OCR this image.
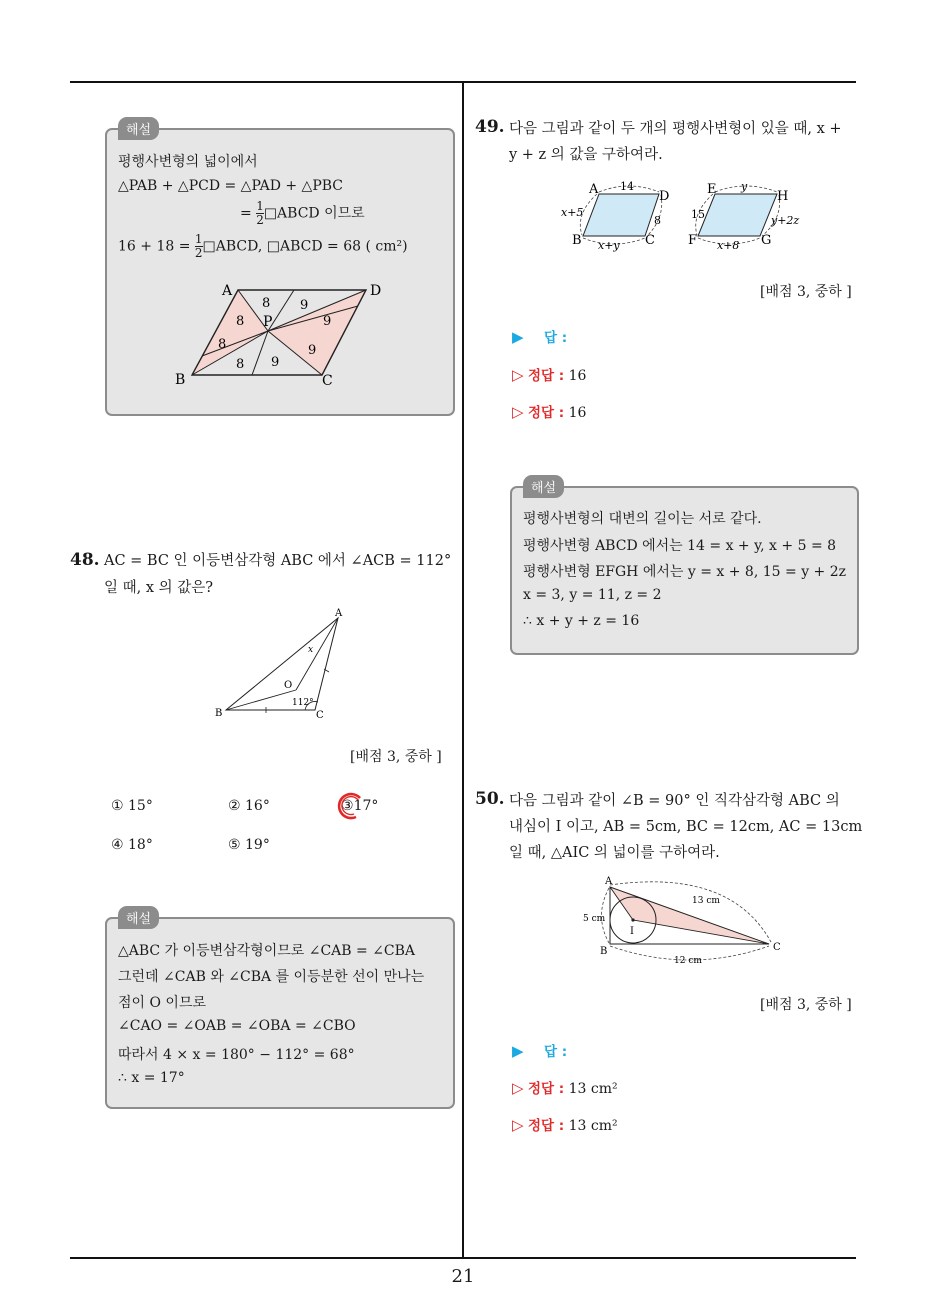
21
해설
평행사변형의 넓이에서
△PAB + △PCD = △PAD + △PBC
= $\frac{1}{2}$ □ABCD 이므로
$16 + 18 = \frac{1}{2}$ □ABCD, □ABCD = 68 ( cm²)
A	D
B	C
P
8 9
8	9
8	9
8 9
48. AC = BC 인 이등변삼각형 ABC 에서 ∠ACB = 112°
일 때, x 의 값은?
A
B	C
O
x
112°
[배점 3, 중하 ]
① 15°	② 16°	③17°
④ 18°	⑤ 19°
해설
△ABC 가 이등변삼각형이므로 ∠CAB = ∠CBA
그런데 ∠CAB 와 ∠CBA 를 이등분한 선이 만나는
점이 O 이므로
∠CAO = ∠OAB = ∠OBA = ∠CBO
따라서 4 × x = 180° − 112° = 68°
∴ x = 17°
49. 다음 그림과 같이 두 개의 평행사변형이 있을 때, x +
y + z 의 값을 구하여라.
A	D
B	C
14
x+5
8
x+y
E	H
F	G
y
15	y+2z
x+8
[배점 3, 중하 ]
▶ 답 :
▷ 정답 : 16
▷ 정답 : 16
해설
평행사변형의 대변의 길이는 서로 같다.
평행사변형 ABCD 에서는 14 = x + y, x + 5 = 8
평행사변형 EFGH 에서는 y = x + 8, 15 = y + 2z
x = 3, y = 11, z = 2
∴ x + y + z = 16
50. 다음 그림과 같이 ∠B = 90° 인 직각삼각형 ABC 의
내심이 I 이고, AB = 5cm, BC = 12cm, AC = 13cm
일 때, △AIC 의 넓이를 구하여라.
A
B	C
I
5 cm
12 cm
13 cm
[배점 3, 중하 ]
▶ 답 :
▷ 정답 : 13 cm²
▷ 정답 : 13 cm²
